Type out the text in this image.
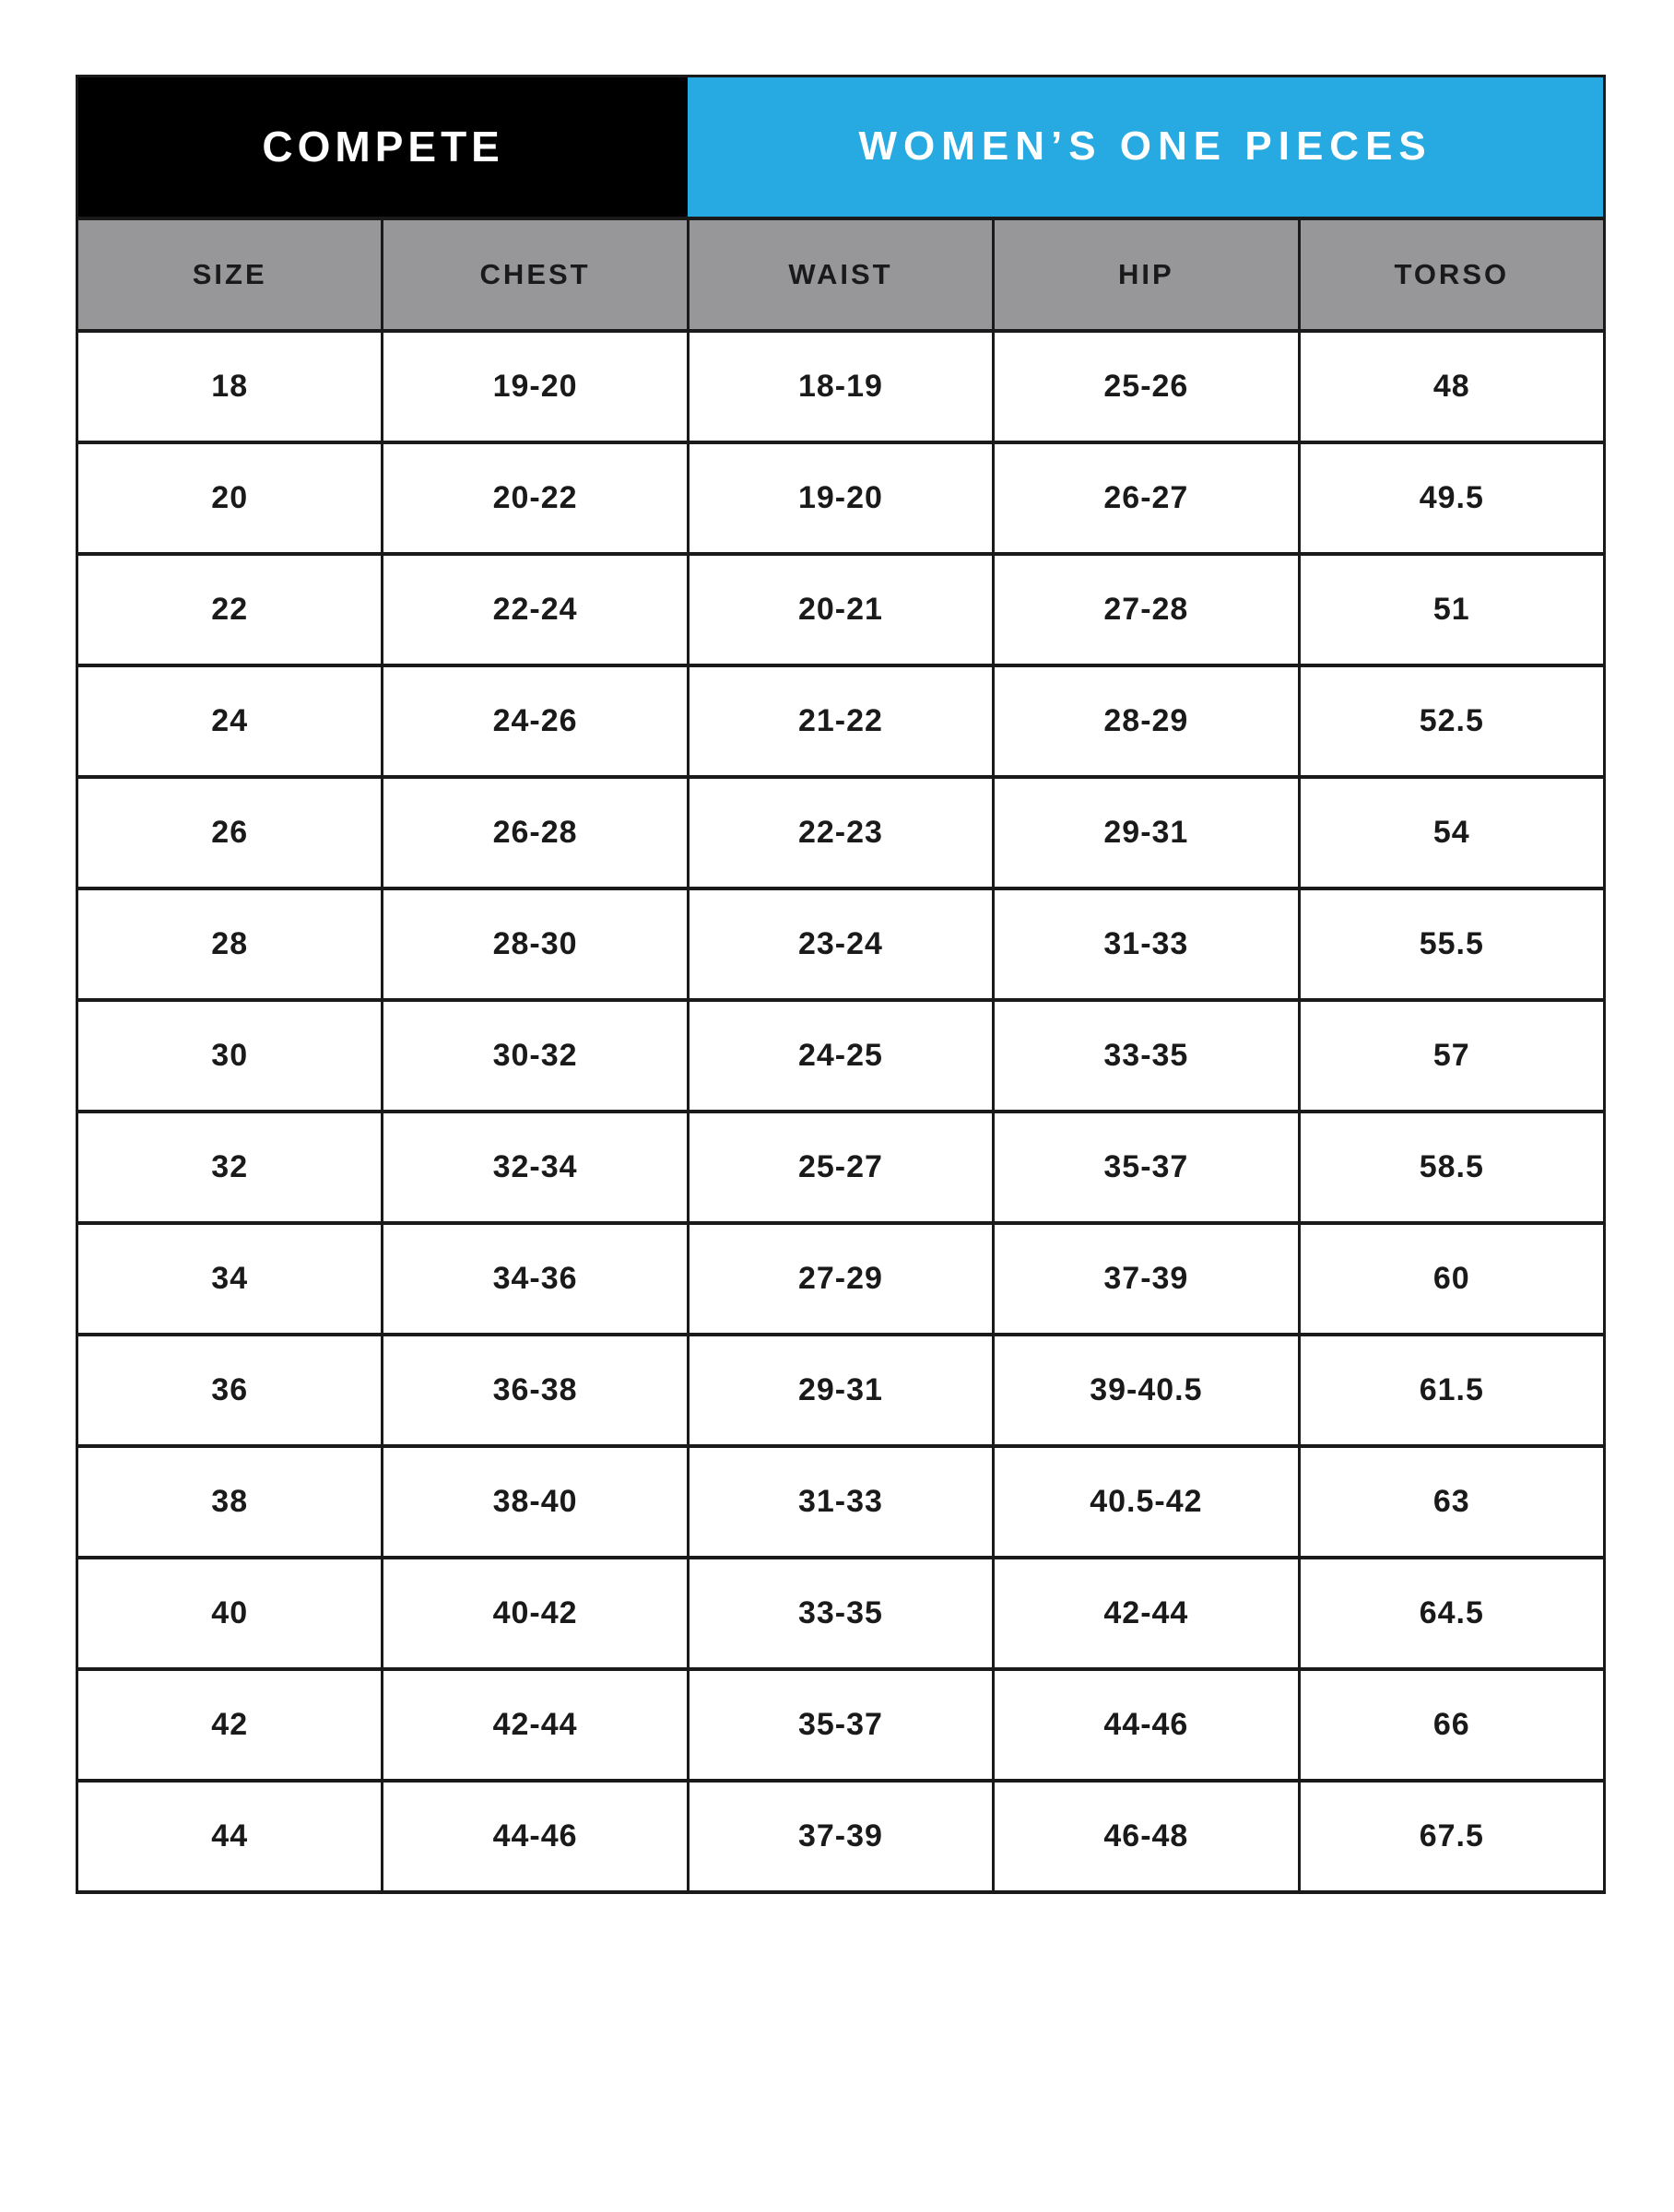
COMPETE		WOMEN’S ONE PIECES		
SIZE	CHEST	WAIST	HIP	TORSO
18	19-20	18-19	25-26	48
20	20-22	19-20	26-27	49.5
22	22-24	20-21	27-28	51
24	24-26	21-22	28-29	52.5
26	26-28	22-23	29-31	54
28	28-30	23-24	31-33	55.5
30	30-32	24-25	33-35	57
32	32-34	25-27	35-37	58.5
34	34-36	27-29	37-39	60
36	36-38	29-31	39-40.5	61.5
38	38-40	31-33	40.5-42	63
40	40-42	33-35	42-44	64.5
42	42-44	35-37	44-46	66
44	44-46	37-39	46-48	67.5
